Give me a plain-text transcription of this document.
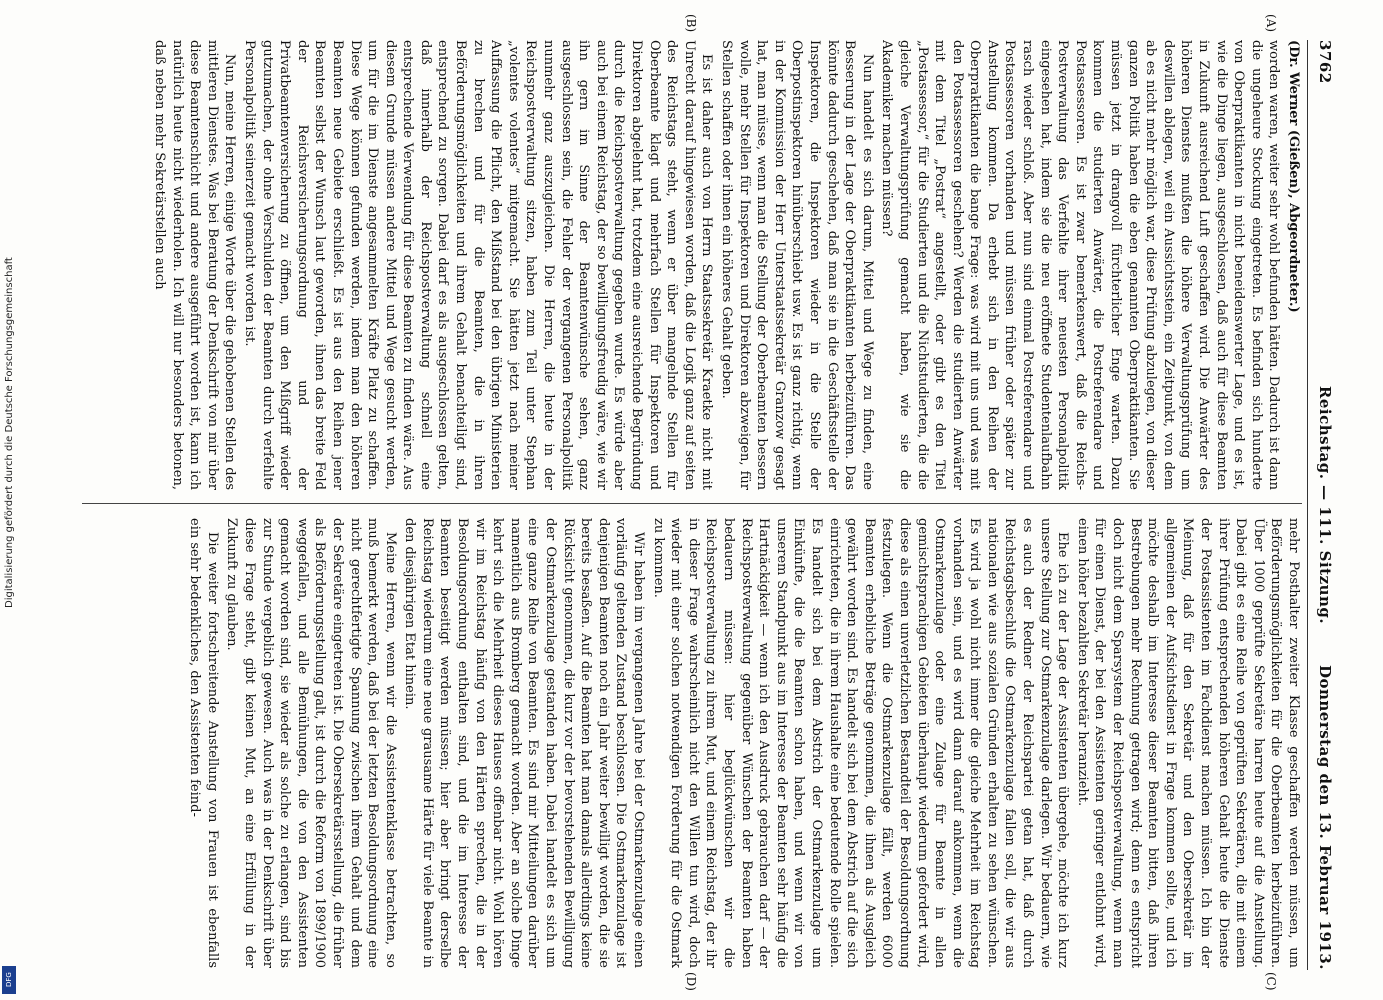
3762
Reichstag. — 111. Sitzung.
Donnerstag den 13. Februar 1913.

(Dr. Werner (Gießen), Abgeordneter.)

worden waren, weiter sehr wohl befunden hätten. Dadurch ist dann die ungeheure Stockung eingetreten. Es befinden sich hunderte von Oberpraktikanten in nicht beneidenswerter Lage, und es ist, wie die Dinge liegen, ausgeschlossen, daß auch für diese Beamten in Zukunft ausreichend Luft geschaffen wird. Die Anwärter des höheren Dienstes mußten die höhere Verwaltungsprüfung um deswillen ablegen, weil ein Aussichtsstein, ein Zeitpunkt, von dem ab es nicht mehr möglich war, diese Prüfung abzulegen, von dieser ganzen Politik haben die eben genannten Oberpraktikanten. Sie müssen jetzt in drangvoll fürchterlicher Enge warten. Dazu kommen die studierten Anwärter, die Postreferendare und Postassessoren. Es ist zwar bemerkenswert, daß die Reichs-Postverwaltung das Verfehlte ihrer neuesten Personalpolitik eingesehen hat, indem sie die neu eröffnete Studentenlaufbahn rasch wieder schloß. Aber nun sind einmal Postreferendare und Postassessoren vorhanden und müssen früher oder später zur Anstellung kommen. Da erhebt sich in den Reihen der Oberpraktikanten die bange Frage: was wird mit uns und was mit den Postassessoren geschehen? Werden die studierten Anwärter mit dem Titel „Postrat“ angestellt, oder gibt es den Titel „Postassessor,“ für die Studierten und die Nichtstudierten, die die gleiche Verwaltungsprüfung gemacht haben, wie sie die Akademiker machen müssen?

Nun handelt es sich darum, Mittel und Wege zu finden, eine Besserung in der Lage der Oberpraktikanten herbeizuführen. Das könnte dadurch geschehen, daß man sie in die Geschäftsstelle der Inspektoren, die Inspektoren wieder in die Stelle der Oberpostinspektoren hinüberschiebt usw. Es ist ganz richtig, wenn in der Kommission der Herr Unterstaatssekretär Granzow gesagt hat, man müsse, wenn man die Stellung der Oberbeamten bessern wolle, mehr Stellen für Inspektoren und Direktoren abzweigen, für Stellen schaffen oder ihnen ein höheres Gehalt geben.

Es ist daher auch von Herrn Staatssekretär Kraetke nicht mit Unrecht darauf hingewiesen worden, daß die Logik ganz auf seiten des Reichstags steht, wenn er über mangelnde Stellen für Oberbeamte klagt und mehrfach Stellen für Inspektoren und Direktoren abgelehnt hat, trotzdem eine ausreichende Begründung durch die Reichspostverwaltung gegeben wurde. Es würde aber auch bei einem Reichstag, der so bewilligungsfreudig wäre, wie wir ihn gern im Sinne der Beamtenwünsche sehen, ganz ausgeschlossen sein, die Fehler der vergangenen Personalpolitik nunmehr ganz auszugleichen. Die Herren, die heute in der Reichspostverwaltung sitzen, haben zum Teil unter Stephan „volentes volentes“ mitgemacht. Sie hätten jetzt nach meiner Auffassung die Pflicht, den Mißstand bei den übrigen Ministerien zu brechen und für die Beamten, die in ihren Beförderungsmöglichkeiten und ihrem Gehalt benachteiligt sind, entsprechend zu sorgen. Dabei darf es als ausgeschlossen gelten, daß innerhalb der Reichspostverwaltung schnell eine entsprechende Verwendung für diese Beamten zu finden wäre. Aus diesem Grunde müssen andere Mittel und Wege gesucht werden, um für die im Dienste angesammelten Kräfte Platz zu schaffen. Diese Wege können gefunden werden, indem man den höheren Beamten neue Gebiete erschließt. Es ist aus den Reihen jener Beamten selbst der Wunsch laut geworden, ihnen das breite Feld der Reichsversicherungsordnung und der Privatbeamtenversicherung zu öffnen, um den Mißgriff wieder gutzumachen, der ohne Verschulden der Beamten durch verfehlte Personalpolitik seinerzeit gemacht worden ist.

Nun, meine Herren, einige Worte über die gehobenen Stellen des mittleren Dienstes. Was bei Beratung der Denkschrift von mir über diese Beamtenschicht und andere ausgeführt worden ist, kann ich natürlich heute nicht wiederholen. Ich will nur besonders betonen, daß neben mehr Sekretärstellen auch

mehr Posthalter zweiter Klasse geschaffen werden müssen, um Beförderungsmöglichkeiten für die Oberbeamten herbeizuführen. Über 1000 geprüfte Sekretäre harren heute auf die Anstellung. Dabei gibt es eine Reihe von geprüften Sekretären, die mit einem ihrer Prüfung entsprechenden höheren Gehalt heute die Dienste der Postassistenten im Fachdienst machen müssen. Ich bin der Meinung, daß für den Sekretär und den Obersekretär im allgemeinen der Aufsichtsdienst in Frage kommen sollte, und ich möchte deshalb im Interesse dieser Beamten bitten, daß ihren Bestrebungen mehr Rechnung getragen wird; denn es entspricht doch nicht dem Sparsystem der Reichspostverwaltung, wenn man für einen Dienst, der bei den Assistenten geringer entlohnt wird, einen höher bezahlten Sekretär heranzieht.

Ehe ich zu der Lage der Assistenten übergehe, möchte ich kurz unsere Stellung zur Ostmarkenzulage darlegen. Wir bedauern, wie es auch der Redner der Reichspartei getan hat, daß durch Reichstagsbeschluß die Ostmarkenzulage fallen soll, die wir aus nationalen wie aus sozialen Gründen erhalten zu sehen wünschen. Es wird ja wohl nicht immer die gleiche Mehrheit im Reichstag vorhanden sein, und es wird dann darauf ankommen, wenn die Ostmarkenzulage oder eine Zulage für Beamte in allen gemischtsprachigen Gebieten überhaupt wiederum gefordert wird, diese als einen unverletzlichen Bestandteil der Besoldungsordnung festzulegen. Wenn die Ostmarkenzulage fällt, werden 6000 Beamten erhebliche Beträge genommen, die ihnen als Ausgleich gewährt worden sind. Es handelt sich bei dem Abstrich auf die sich einrichteten, die in ihrem Haushalte eine bedeutende Rolle spielen. Es handelt sich bei dem Abstrich der Ostmarkenzulage um Einkünfte, die die Beamten schon haben, und wenn wir von unserem Standpunkt aus im Interesse der Beamten sehr häufig die Hartnäckigkeit — wenn ich den Ausdruck gebrauchen darf — der Reichspostverwaltung gegenüber Wünschen der Beamten haben bedauern müssen: hier beglückwünschen wir die Reichspostverwaltung zu ihrem Mut, und einem Reichstag, der ihr in dieser Frage wahrscheinlich nicht den Willen tun wird, doch wieder mit einer solchen notwendigen Forderung für die Ostmark zu kommen.

Wir haben im vergangenen Jahre bei der Ostmarkenzulage einen vorläufig geltenden Zustand beschlossen. Die Ostmarkenzulage ist denjenigen Beamten noch ein Jahr weiter bewilligt worden, die sie bereits besaßen. Auf die Beamten hat man damals allerdings keine Rücksicht genommen, die kurz vor der bevorstehenden Bewilligung der Ostmarkenzulage gestanden haben. Dabei handelt es sich um eine ganze Reihe von Beamten. Es sind mir Mitteilungen darüber namentlich aus Bromberg gemacht worden. Aber an solche Dinge kehrt sich die Mehrheit dieses Hauses offenbar nicht. Wohl hören wir im Reichstag häufig von den Härten sprechen, die in der Besoldungsordnung enthalten sind, und die im Interesse der Beamten beseitigt werden müssen; hier aber bringt derselbe Reichstag wiederum eine neue grausame Härte für viele Beamte in den diesjährigen Etat hinein.

Meine Herren, wenn wir die Assistentenklasse betrachten, so muß bemerkt werden, daß bei der letzten Besoldungsordnung eine nicht gerechtfertigte Spannung zwischen ihrem Gehalt und dem der Sekretäre eingetreten ist. Die Obersekretärsstellung, die früher als Beförderungsstellung galt, ist durch die Reform von 1899/1900 weggefallen, und alle Bemühungen, die von den Assistenten gemacht worden sind, sie wieder als solche zu erlangen, sind bis zur Stunde vergeblich gewesen. Auch was in der Denkschrift über diese Frage steht, gibt keinen Mut, an eine Erfüllung in der Zukunft zu glauben.

Die weiter fortschreitende Anstellung von Frauen ist ebenfalls ein sehr bedenkliches, den Assistenten feind-

(A)
(B)
(C)
(D)
Digitalisierung gefördert durch die Deutsche Forschungsgemeinschaft
DFG
